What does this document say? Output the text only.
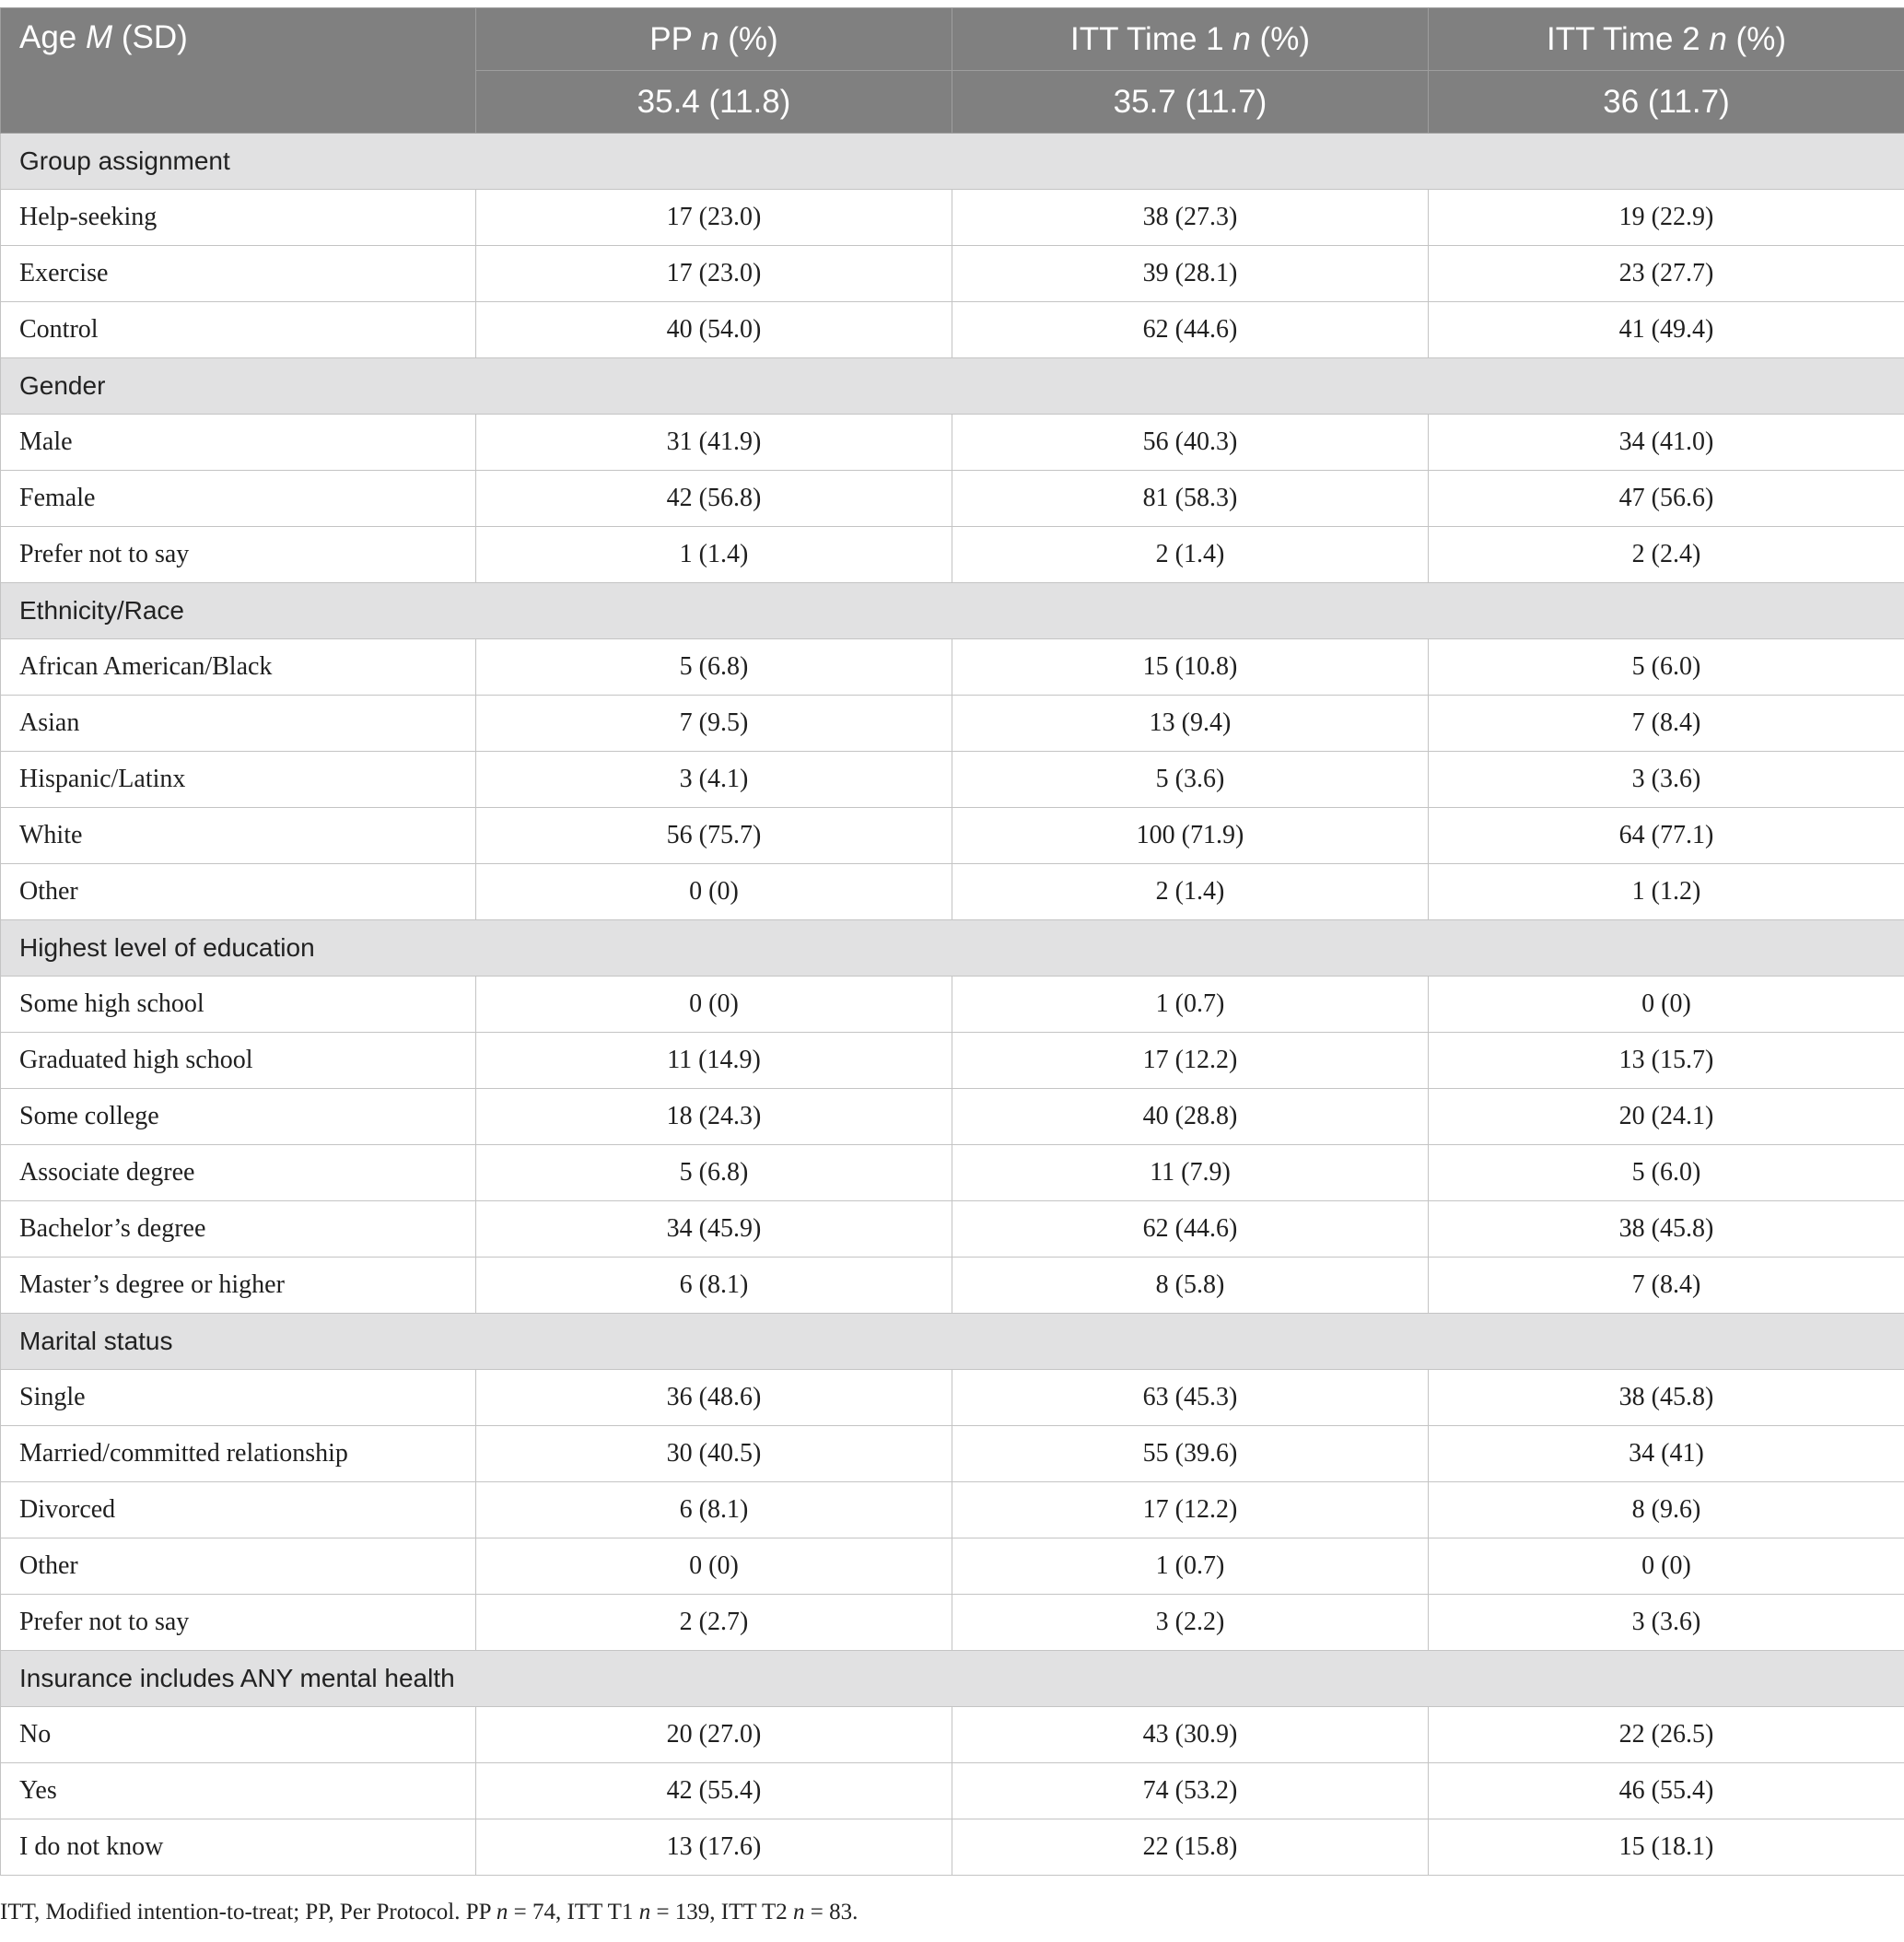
Age M (SD)	PP n (%)	ITT Time 1 n (%)	ITT Time 2 n (%)
	35.4 (11.8)	35.7 (11.7)	36 (11.7)
Group assignment			
Help-seeking	17 (23.0)	38 (27.3)	19 (22.9)
Exercise	17 (23.0)	39 (28.1)	23 (27.7)
Control	40 (54.0)	62 (44.6)	41 (49.4)
Gender			
Male	31 (41.9)	56 (40.3)	34 (41.0)
Female	42 (56.8)	81 (58.3)	47 (56.6)
Prefer not to say	1 (1.4)	2 (1.4)	2 (2.4)
Ethnicity/Race			
African American/Black	5 (6.8)	15 (10.8)	5 (6.0)
Asian	7 (9.5)	13 (9.4)	7 (8.4)
Hispanic/Latinx	3 (4.1)	5 (3.6)	3 (3.6)
White	56 (75.7)	100 (71.9)	64 (77.1)
Other	0 (0)	2 (1.4)	1 (1.2)
Highest level of education			
Some high school	0 (0)	1 (0.7)	0 (0)
Graduated high school	11 (14.9)	17 (12.2)	13 (15.7)
Some college	18 (24.3)	40 (28.8)	20 (24.1)
Associate degree	5 (6.8)	11 (7.9)	5 (6.0)
Bachelor’s degree	34 (45.9)	62 (44.6)	38 (45.8)
Master’s degree or higher	6 (8.1)	8 (5.8)	7 (8.4)
Marital status			
Single	36 (48.6)	63 (45.3)	38 (45.8)
Married/committed relationship	30 (40.5)	55 (39.6)	34 (41)
Divorced	6 (8.1)	17 (12.2)	8 (9.6)
Other	0 (0)	1 (0.7)	0 (0)
Prefer not to say	2 (2.7)	3 (2.2)	3 (3.6)
Insurance includes ANY mental health			
No	20 (27.0)	43 (30.9)	22 (26.5)
Yes	42 (55.4)	74 (53.2)	46 (55.4)
I do not know	13 (17.6)	22 (15.8)	15 (18.1)
ITT, Modified intention-to-treat; PP, Per Protocol. PP n = 74, ITT T1 n = 139, ITT T2 n = 83.
